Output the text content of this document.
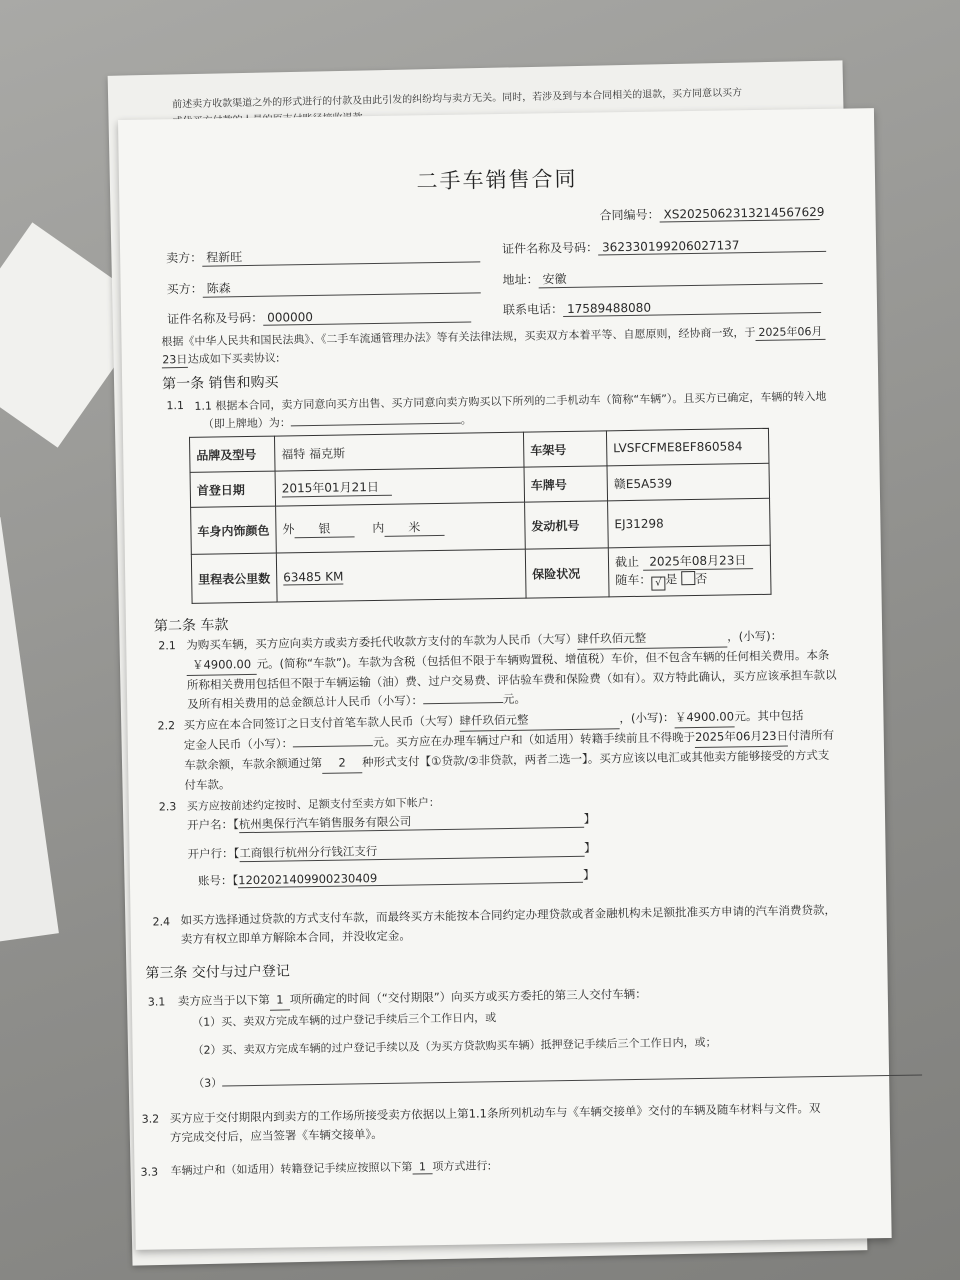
前述卖方收款渠道之外的形式进行的付款及由此引发的纠纷均与卖方无关。同时，若涉及到与本合同相关的退款，买方同意以买方
二手车销售合同
合同编号： XS20250623132145676​29
卖方： 程新旺
证件名称及号码： 362330199206027137
买方： 陈森
地址： 安徽
证件名称及号码： 000000
联系电话： 17589488080
根据《中华人民共和国民法典》、《二手车流通管理办法》等有关法律法规，买卖双方本着平等、自愿原则，经协商一致，于 2025年06月
23日达成如下买卖协议:
第一条 销售和购买
1.1 1.1 根据本合同，卖方同意向买方出售、买方同意向卖方购买以下所列的二手机动车（简称“车辆”）。且买方已确定，车辆的转入地
（即上牌地）为：	。
品牌及型号	福特 福克斯	车架号	LVSFCFME8EF860584
首登日期	2015年01月21日	车牌号	赣E5A539
车身内饰颜色	外 银 内 米	发动机号	EJ31298
里程表公里数	63485 KM	保险状况	截止 2025年08月23日
随车： √ 是 否
第二条 车款
2.1 为购买车辆，买方应向卖方或卖方委托代收款方支付的车款为人民币（大写）肆仟玖佰元整	，(小写)：
￥4900.00 元。(简称“车款”)。车款为含税（包括但不限于车辆购置税、增值税）车价，但不包含车辆的任何相关费用。本条
所称相关费用包括但不限于车辆运输（油）费、过户交易费、评估验车费和保险费（如有）。双方特此确认，买方应该承担车款以
及所有相关费用的总金额总计人民币（小写）：	元。
2.2 买方应在本合同签订之日支付首笔车款人民币（大写）肆仟玖佰元整	，(小写)：￥4900.00元。其中包括
定金人民币（小写）：	元。买方应在办理车辆过户和（如适用）转籍手续前且不得晚于2025年06月23日付清所有
车款余额，车款余额通过第 2 种形式支付【①贷款/②非贷款，两者二选一】。买方应该以电汇或其他卖方能够接受的方式支
付车款。
2.3 买方应按前述约定按时、足额支付至卖方如下帐户：
开户名：【杭州奥保行汽车销售服务有限公司	】
开户行：【工商银行杭州分行钱江支行	】
账号：【1202021409900230409	】
2.4 如买方选择通过贷款的方式支付车款，而最终买方未能按本合同约定办理贷款或者金融机构未足额批准买方申请的汽车消费贷款，
卖方有权立即单方解除本合同，并没收定金。
第三条 交付与过户登记
3.1 卖方应当于以下第 1 项所确定的时间（“交付期限”）向买方或买方委托的第三人交付车辆：
（1）买、卖双方完成车辆的过户登记手续后三个工作日内，或
（2）买、卖双方完成车辆的过户登记手续以及（为买方贷款购买车辆）抵押登记手续后三个工作日内，或；
（3）
3.2 买方应于交付期限内到卖方的工作场所接受卖方依据以上第1.1条所列机动车与《车辆交接单》交付的车辆及随车材料与文件。双
方完成交付后，应当签署《车辆交接单》。
3.3 车辆过户和（如适用）转籍登记手续应按照以下第 1 项方式进行:
